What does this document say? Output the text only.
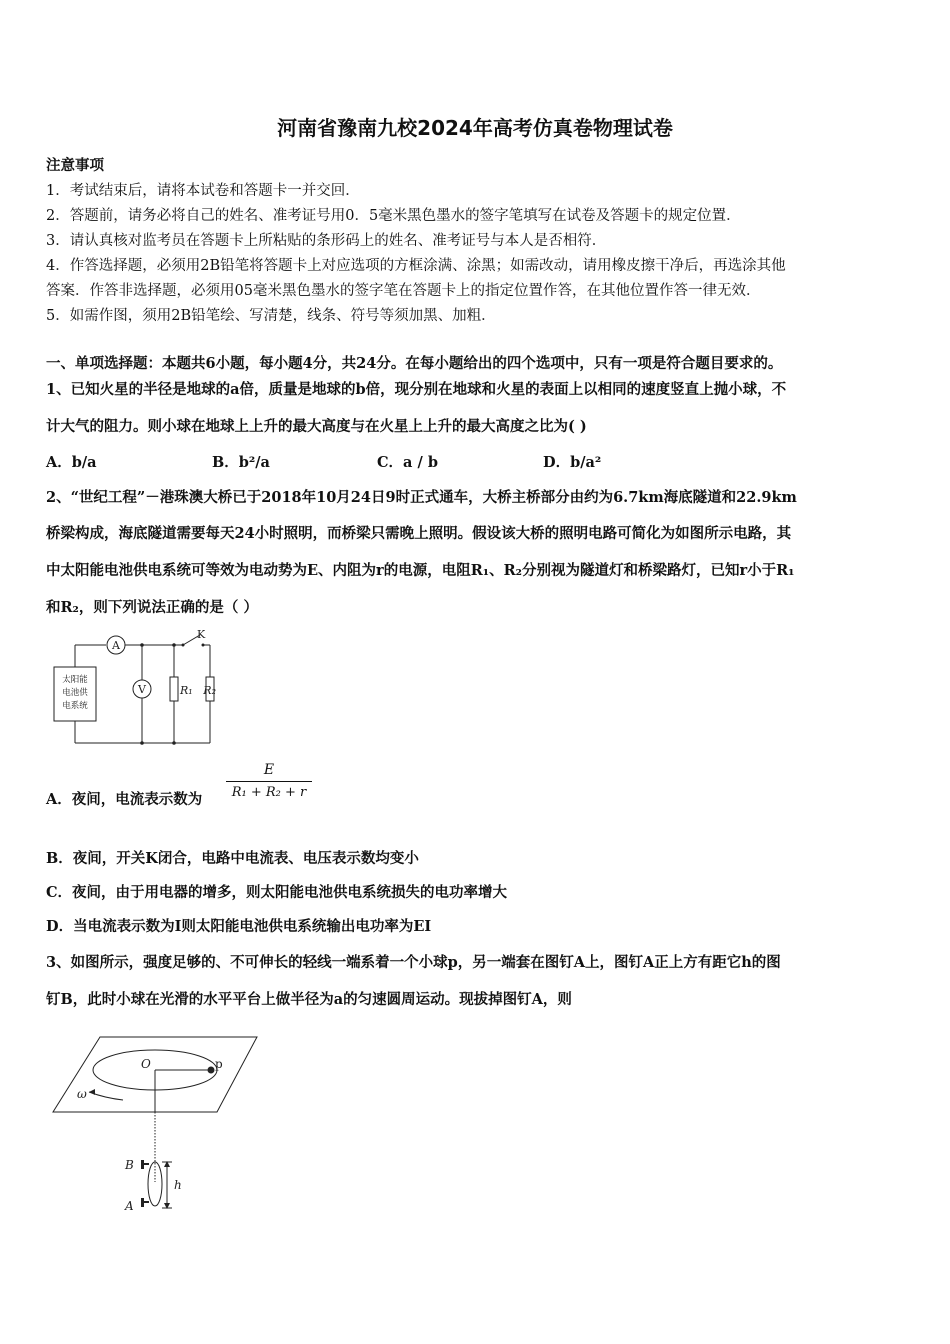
河南省豫南九校2024年高考仿真卷物理试卷
注意事项
1．考试结束后，请将本试卷和答题卡一并交回．
2．答题前，请务必将自己的姓名、准考证号用0．5毫米黑色墨水的签字笔填写在试卷及答题卡的规定位置．
3．请认真核对监考员在答题卡上所粘贴的条形码上的姓名、准考证号与本人是否相符．
4．作答选择题，必须用2B铅笔将答题卡上对应选项的方框涂满、涂黑；如需改动，请用橡皮擦干净后，再选涂其他
答案．作答非选择题，必须用05毫米黑色墨水的签字笔在答题卡上的指定位置作答，在其他位置作答一律无效．
5．如需作图，须用2B铅笔绘、写清楚，线条、符号等须加黑、加粗．
一、单项选择题：本题共6小题，每小题4分，共24分。在每小题给出的四个选项中，只有一项是符合题目要求的。
1、已知火星的半径是地球的a倍，质量是地球的b倍，现分别在地球和火星的表面上以相同的速度竖直上抛小球，不
计大气的阻力。则小球在地球上上升的最大高度与在火星上上升的最大高度之比为( )
A．b/a	B．b²/a	C．a / b	D．b/a²
2、“世纪工程”－港珠澳大桥已于2018年10月24日9时正式通车，大桥主桥部分由约为6.7km海底隧道和22.9km
桥梁构成，海底隧道需要每天24小时照明，而桥梁只需晚上照明。假设该大桥的照明电路可简化为如图所示电路，其
中太阳能电池供电系统可等效为电动势为E、内阻为r的电源，电阻R₁、R₂分别视为隧道灯和桥梁路灯，已知r小于R₁
和R₂，则下列说法正确的是（ ）
太阳能
电池供
电系统
A
V
K
R₁ R₂
A．夜间，电流表示数为 $\frac{E}{\text{R₁ + R₂ + r}}$
B．夜间，开关K闭合，电路中电流表、电压表示数均变小
C．夜间，由于用电器的增多，则太阳能电池供电系统损失的电功率增大
D．当电流表示数为I则太阳能电池供电系统输出电功率为EI
3、如图所示，强度足够的、不可伸长的轻线一端系着一个小球p，另一端套在图钉A上，图钉A正上方有距它h的图
钉B，此时小球在光滑的水平平台上做半径为a的匀速圆周运动。现拔掉图钉A，则
O	p
ω
B
A
h
